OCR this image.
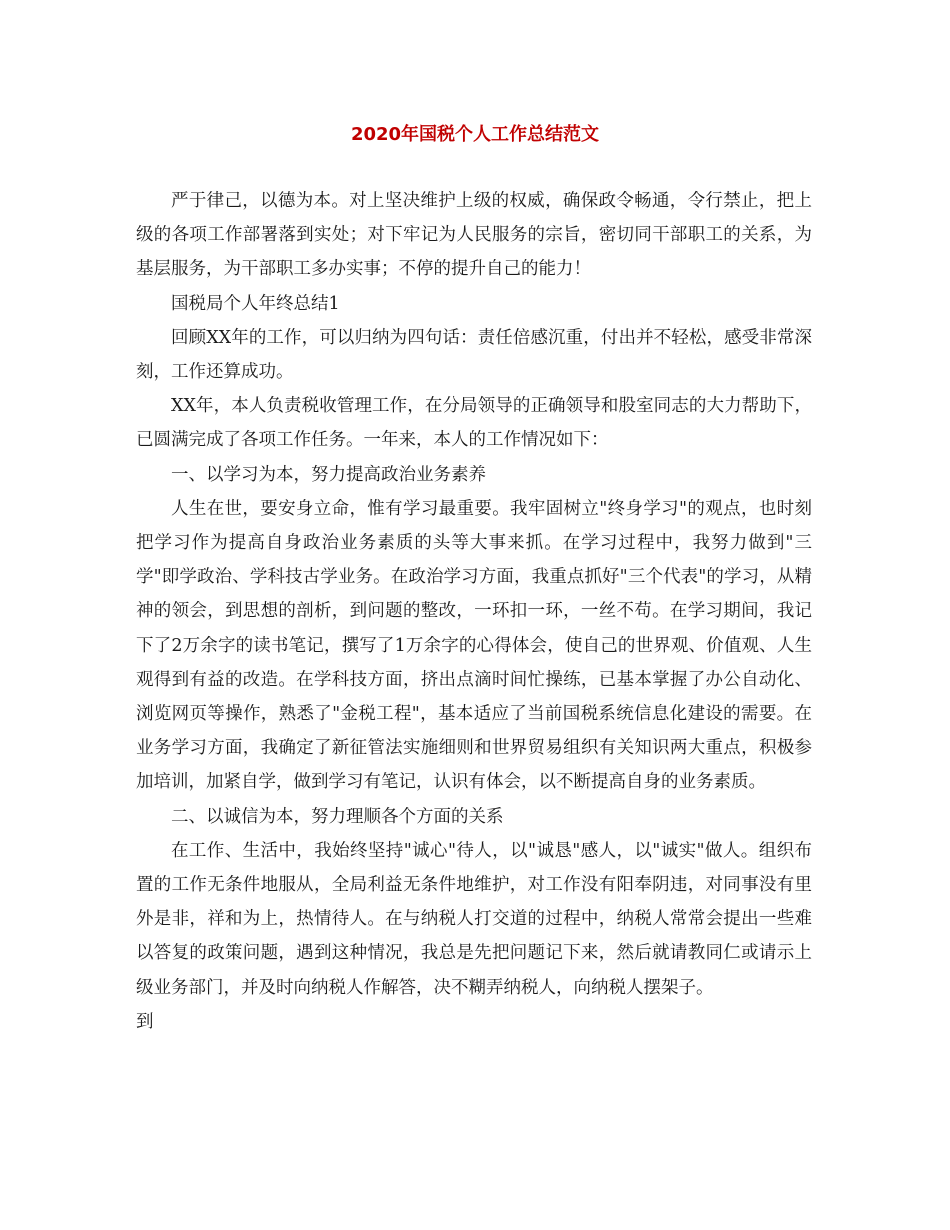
2020年国税个人工作总结范文

严于律己，以德为本。对上坚决维护上级的权威，确保政令畅通，令行禁止，把上级的各项工作部署落到实处；对下牢记为人民服务的宗旨，密切同干部职工的关系，为基层服务，为干部职工多办实事；不停的提升自己的能力！

国税局个人年终总结1

回顾XX年的工作，可以归纳为四句话：责任倍感沉重，付出并不轻松，感受非常深刻，工作还算成功。

XX年，本人负责税收管理工作，在分局领导的正确领导和股室同志的大力帮助下，已圆满完成了各项工作任务。一年来，本人的工作情况如下：

一、以学习为本，努力提高政治业务素养

人生在世，要安身立命，惟有学习最重要。我牢固树立"终身学习"的观点，也时刻把学习作为提高自身政治业务素质的头等大事来抓。在学习过程中，我努力做到"三学"即学政治、学科技古学业务。在政治学习方面，我重点抓好"三个代表"的学习，从精神的领会，到思想的剖析，到问题的整改，一环扣一环，一丝不苟。在学习期间，我记下了2万余字的读书笔记，撰写了1万余字的心得体会，使自己的世界观、价值观、人生观得到有益的改造。在学科技方面，挤出点滴时间忙操练，已基本掌握了办公自动化、浏览网页等操作，熟悉了"金税工程"，基本适应了当前国税系统信息化建设的需要。在业务学习方面，我确定了新征管法实施细则和世界贸易组织有关知识两大重点，积极参加培训，加紧自学，做到学习有笔记，认识有体会，以不断提高自身的业务素质。

二、以诚信为本，努力理顺各个方面的关系

在工作、生活中，我始终坚持"诚心"待人，以"诚恳"感人，以"诚实"做人。组织布置的工作无条件地服从，全局利益无条件地维护，对工作没有阳奉阴违，对同事没有里外是非，祥和为上，热情待人。在与纳税人打交道的过程中，纳税人常常会提出一些难以答复的政策问题，遇到这种情况，我总是先把问题记下来，然后就请教同仁或请示上级业务部门，并及时向纳税人作解答，决不糊弄纳税人，向纳税人摆架子。

到
